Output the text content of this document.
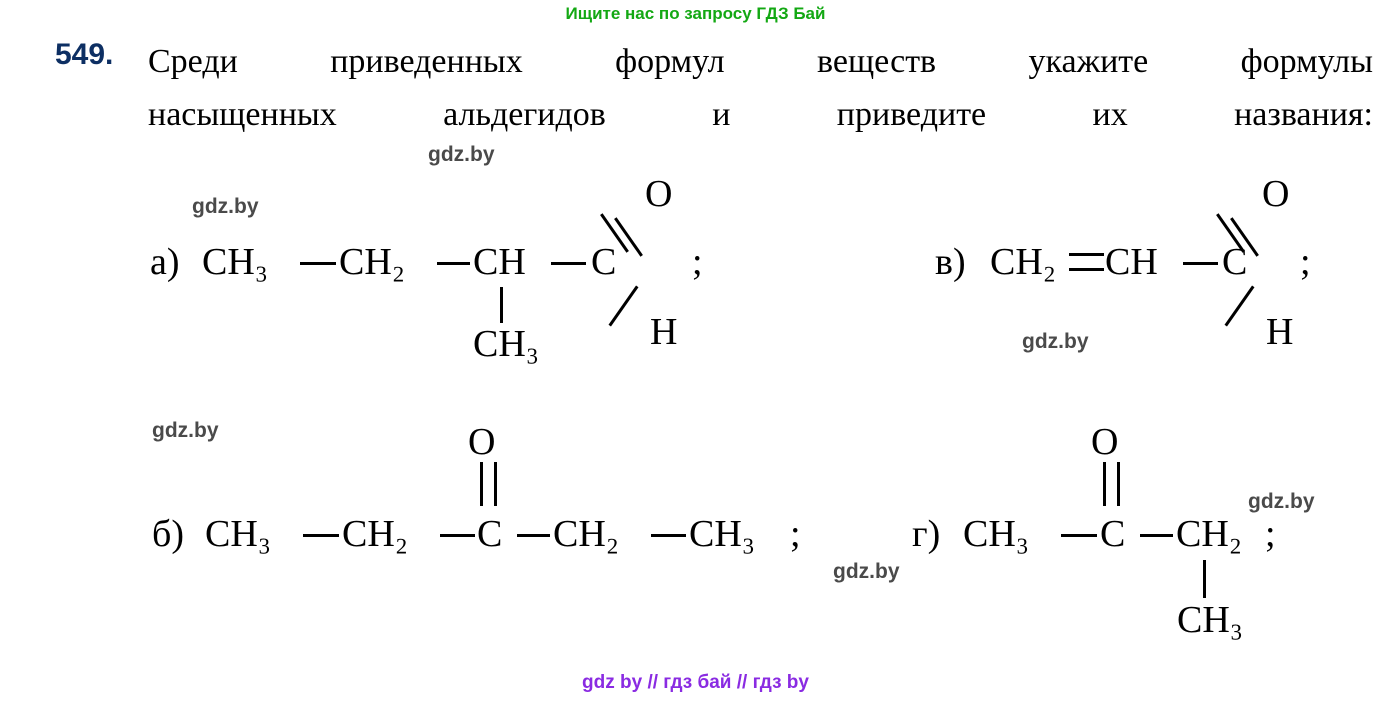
Ищите нас по запросу ГДЗ Бай
549. Среди приведенных формул веществ укажите формулы
насыщенных альдегидов и приведите их названия:
gdz.by
gdz.by
gdz.by
gdz.by
gdz.by
gdz.by
а) CH₃ CH₂ CH C
CH₃
O
H
;	в) CH₂ CH C
O
H
;
б) CH₃ CH₂ C
O
CH₂ CH₃ ;	г) CH₃ C
O
CH₂
CH₃
;
gdz by // гдз бай // гдз by
